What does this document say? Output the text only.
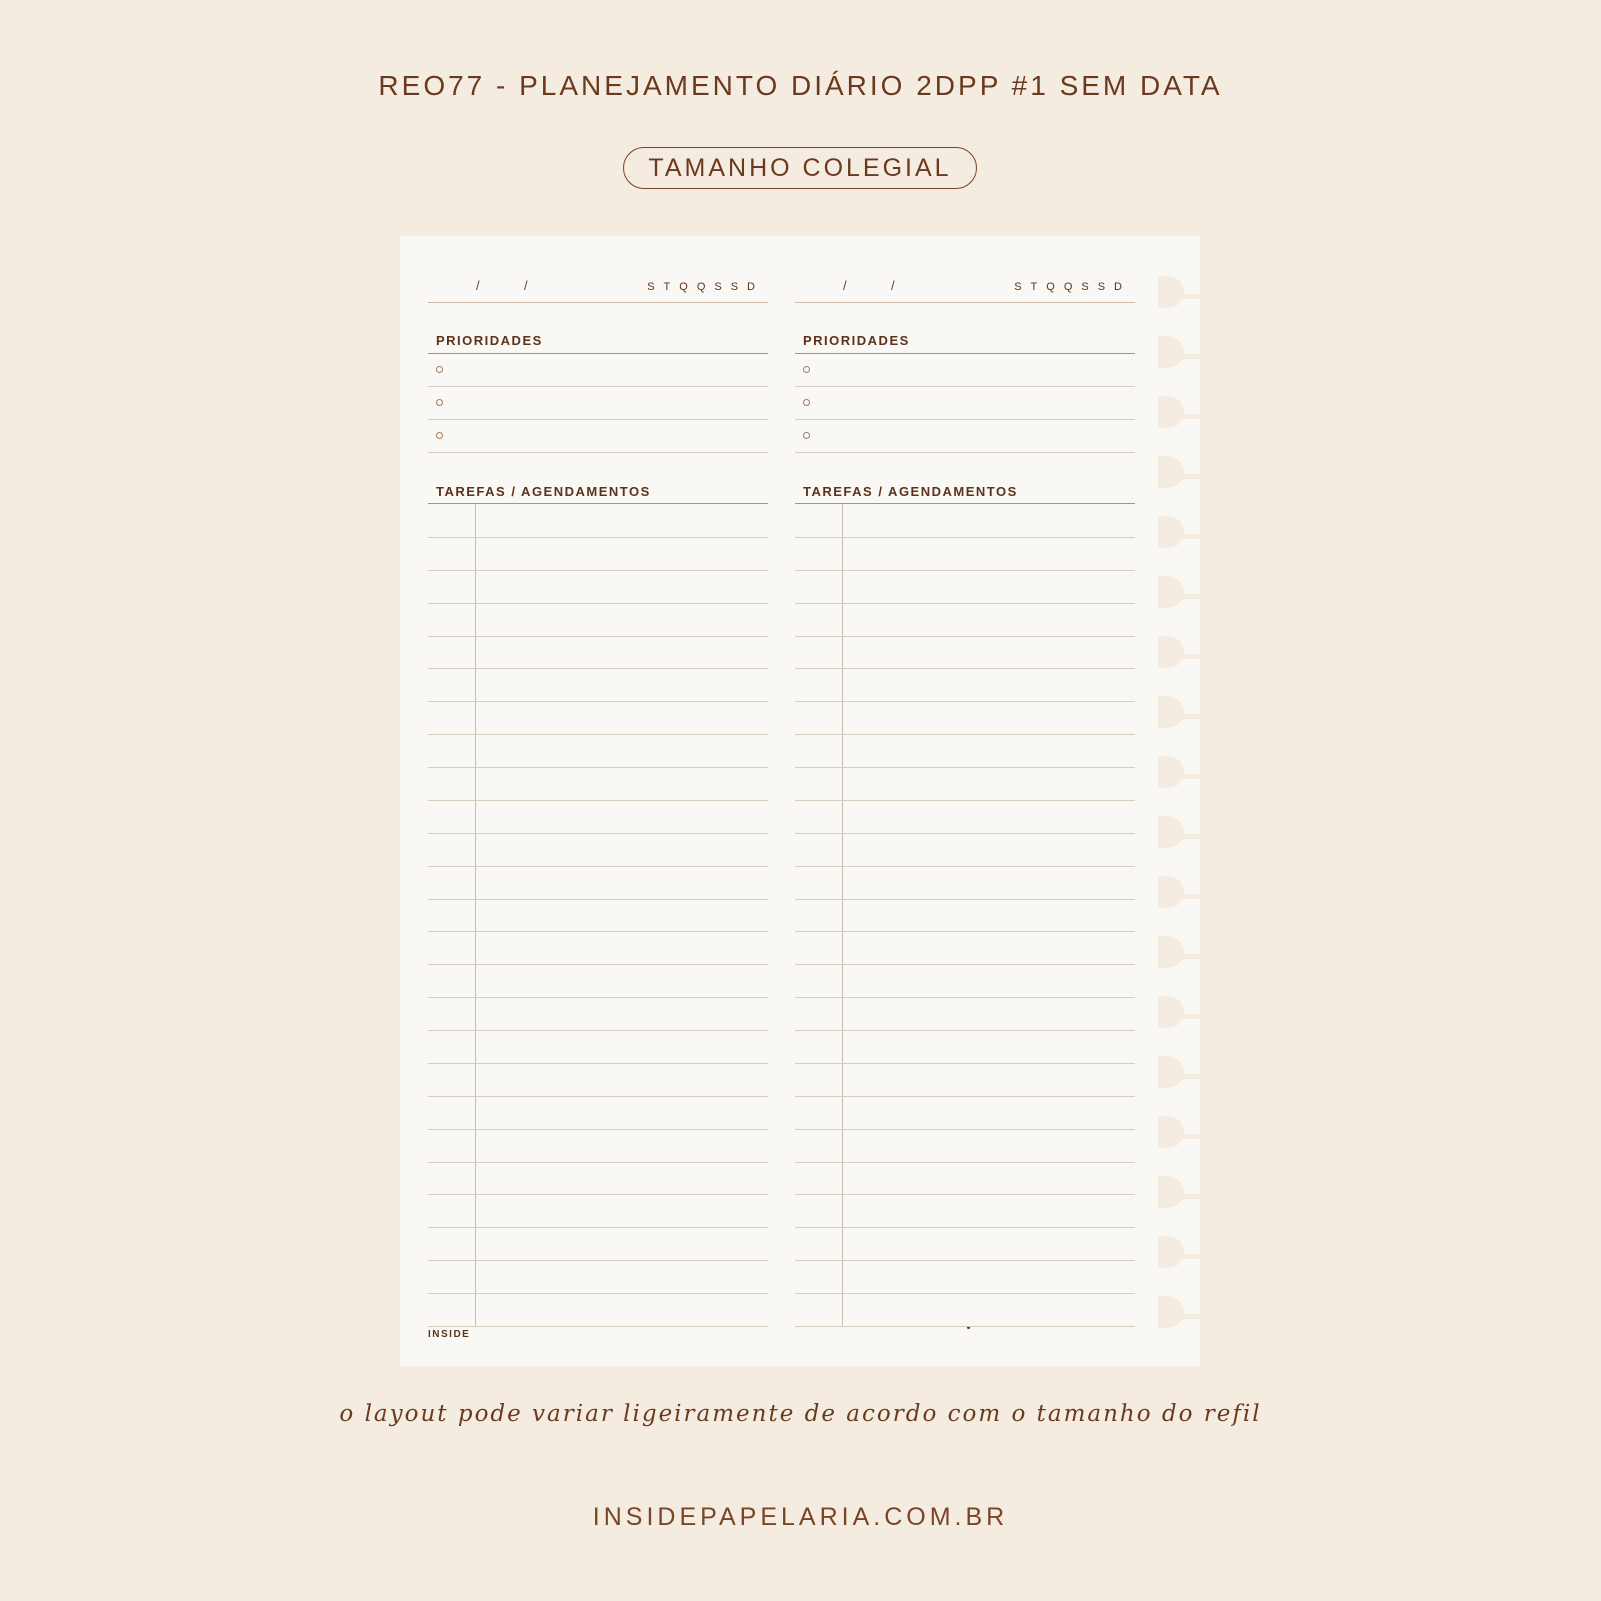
REO77 - PLANEJAMENTO DIÁRIO 2DPP #1 SEM DATA
TAMANHO COLEGIAL
/	/	STQQSSD
PRIORIDADES
TAREFAS / AGENDAMENTOS
INSIDE
/	/	STQQSSD
PRIORIDADES
TAREFAS / AGENDAMENTOS
o layout pode variar ligeiramente de acordo com o tamanho do refil
INSIDEPAPELARIA.COM.BR
